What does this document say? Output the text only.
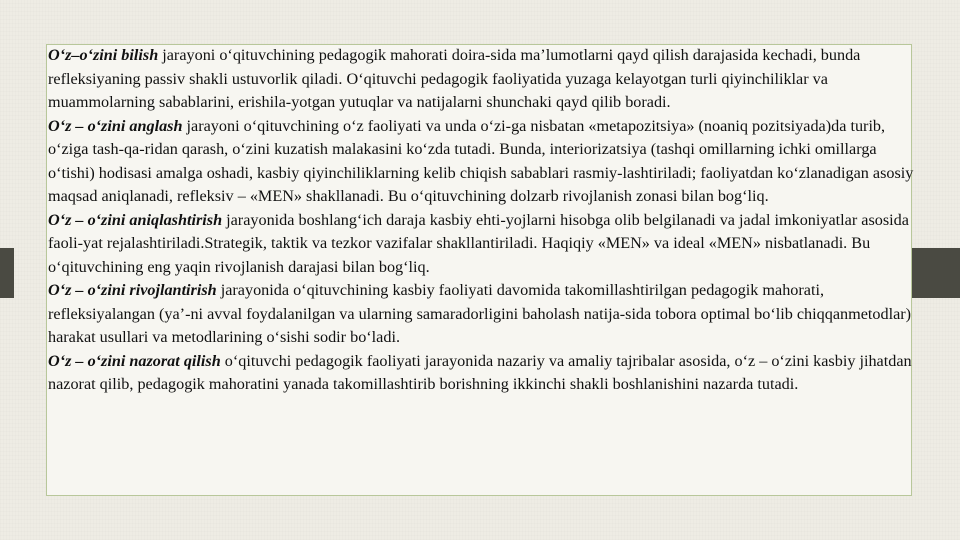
O‘z–o‘zini bilish jarayoni o‘qituvchining pedagogik mahorati doira-sida ma’lumotlarni qayd qilish darajasida kechadi, bunda refleksiyaning passiv shakli ustuvorlik qiladi. O‘qituvchi pedagogik faoliyatida yuzaga kelayotgan turli qiyinchiliklar va muammolarning sabablarini, erishila-yotgan yutuqlar va natijalarni shunchaki qayd qilib boradi.

O‘z – o‘zini anglash jarayoni o‘qituvchining o‘z faoliyati va unda o‘zi-ga nisbatan «metapozitsiya» (noaniq pozitsiyada)da turib, o‘ziga tash-qa-ridan qarash, o‘zini kuzatish malakasini ko‘zda tutadi. Bunda, interiorizatsiya (tashqi omillarning ichki omillarga o‘tishi) hodisasi amalga oshadi, kasbiy qiyinchiliklarning kelib chiqish sabablari rasmiy-lashtiriladi; faoliyatdan ko‘zlanadigan asosiy maqsad aniqlanadi, refleksiv – «MEN» shakllanadi. Bu o‘qituvchining dolzarb rivojlanish zonasi bilan bog‘liq.

O‘z – o‘zini aniqlashtirish jarayonida boshlang‘ich daraja kasbiy ehti-yojlarni hisobga olib belgilanadi va jadal imkoniyatlar asosida faoli-yat rejalashtiriladi.Strategik, taktik va tezkor vazifalar shakllantiriladi. Haqiqiy «MEN» va ideal «MEN» nisbatlanadi. Bu o‘qituvchining eng yaqin rivojlanish darajasi bilan bog‘liq.

O‘z – o‘zini rivojlantirish jarayonida o‘qituvchining kasbiy faoliyati davomida takomillashtirilgan pedagogik mahorati, refleksiyalangan (ya’-ni avval foydalanilgan va ularning samaradorligini baholash natija-sida tobora optimal bo‘lib chiqqanmetodlar) harakat usullari va metodlarining o‘sishi sodir bo‘ladi.

O‘z – o‘zini nazorat qilish o‘qituvchi pedagogik faoliyati jarayonida nazariy va amaliy tajribalar asosida, o‘z – o‘zini kasbiy jihatdan nazorat qilib, pedagogik mahoratini yanada takomillashtirib borishning ikkinchi shakli boshlanishini nazarda tutadi.
